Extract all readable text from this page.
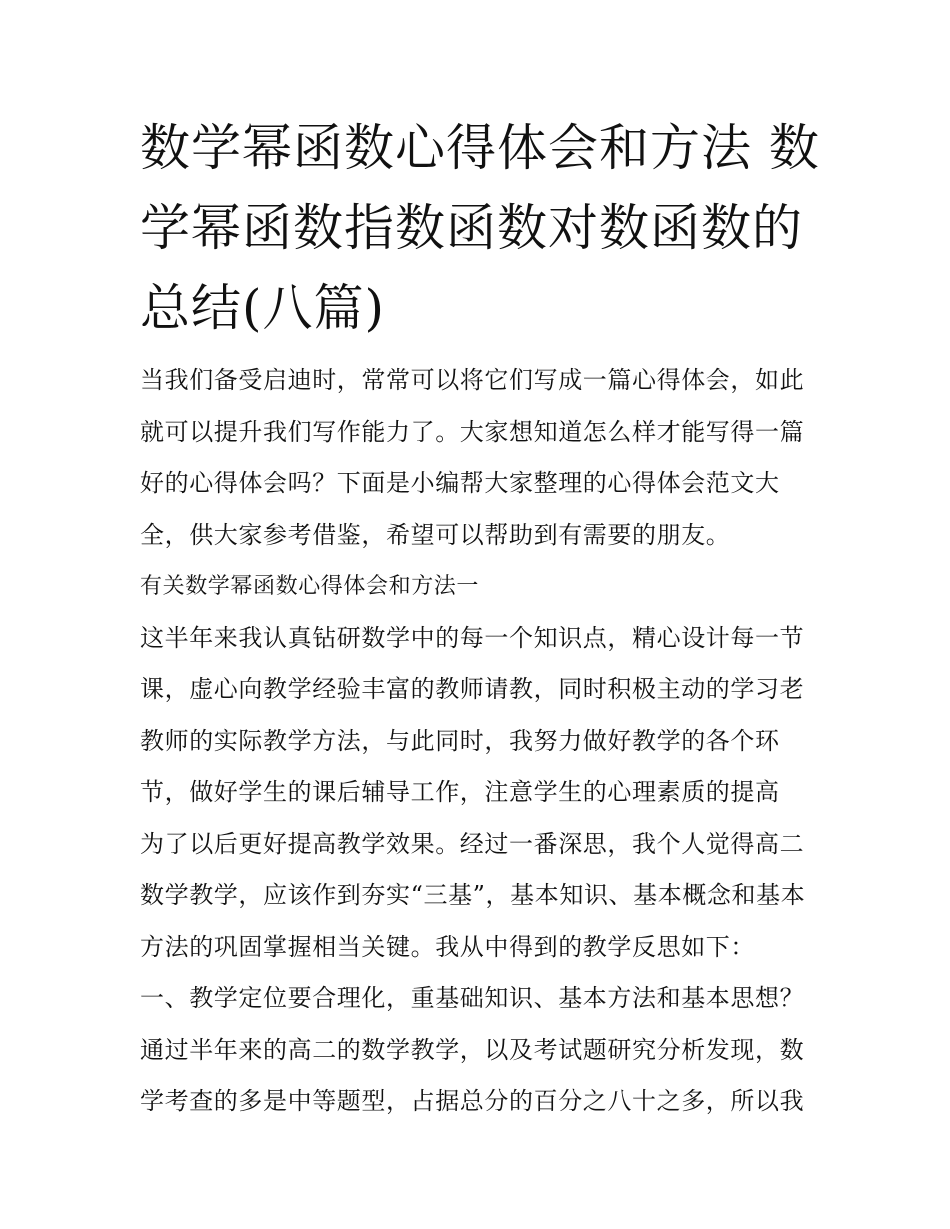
数学幂函数心得体会和方法 数
学幂函数指数函数对数函数的
总结(八篇)
当我们备受启迪时，常常可以将它们写成一篇心得体会，如此
就可以提升我们写作能力了。大家想知道怎么样才能写得一篇
好的心得体会吗？下面是小编帮大家整理的心得体会范文大
全，供大家参考借鉴，希望可以帮助到有需要的朋友。
有关数学幂函数心得体会和方法一
这半年来我认真钻研数学中的每一个知识点，精心设计每一节
课，虚心向教学经验丰富的教师请教，同时积极主动的学习老
教师的实际教学方法，与此同时，我努力做好教学的各个环
节，做好学生的课后辅导工作，注意学生的心理素质的提高
为了以后更好提高教学效果。经过一番深思，我个人觉得高二
数学教学，应该作到夯实“三基”，基本知识、基本概念和基本
方法的巩固掌握相当关键。我从中得到的教学反思如下：
一、教学定位要合理化，重基础知识、基本方法和基本思想？
通过半年来的高二的数学教学，以及考试题研究分析发现，数
学考查的多是中等题型，占据总分的百分之八十之多，所以我
